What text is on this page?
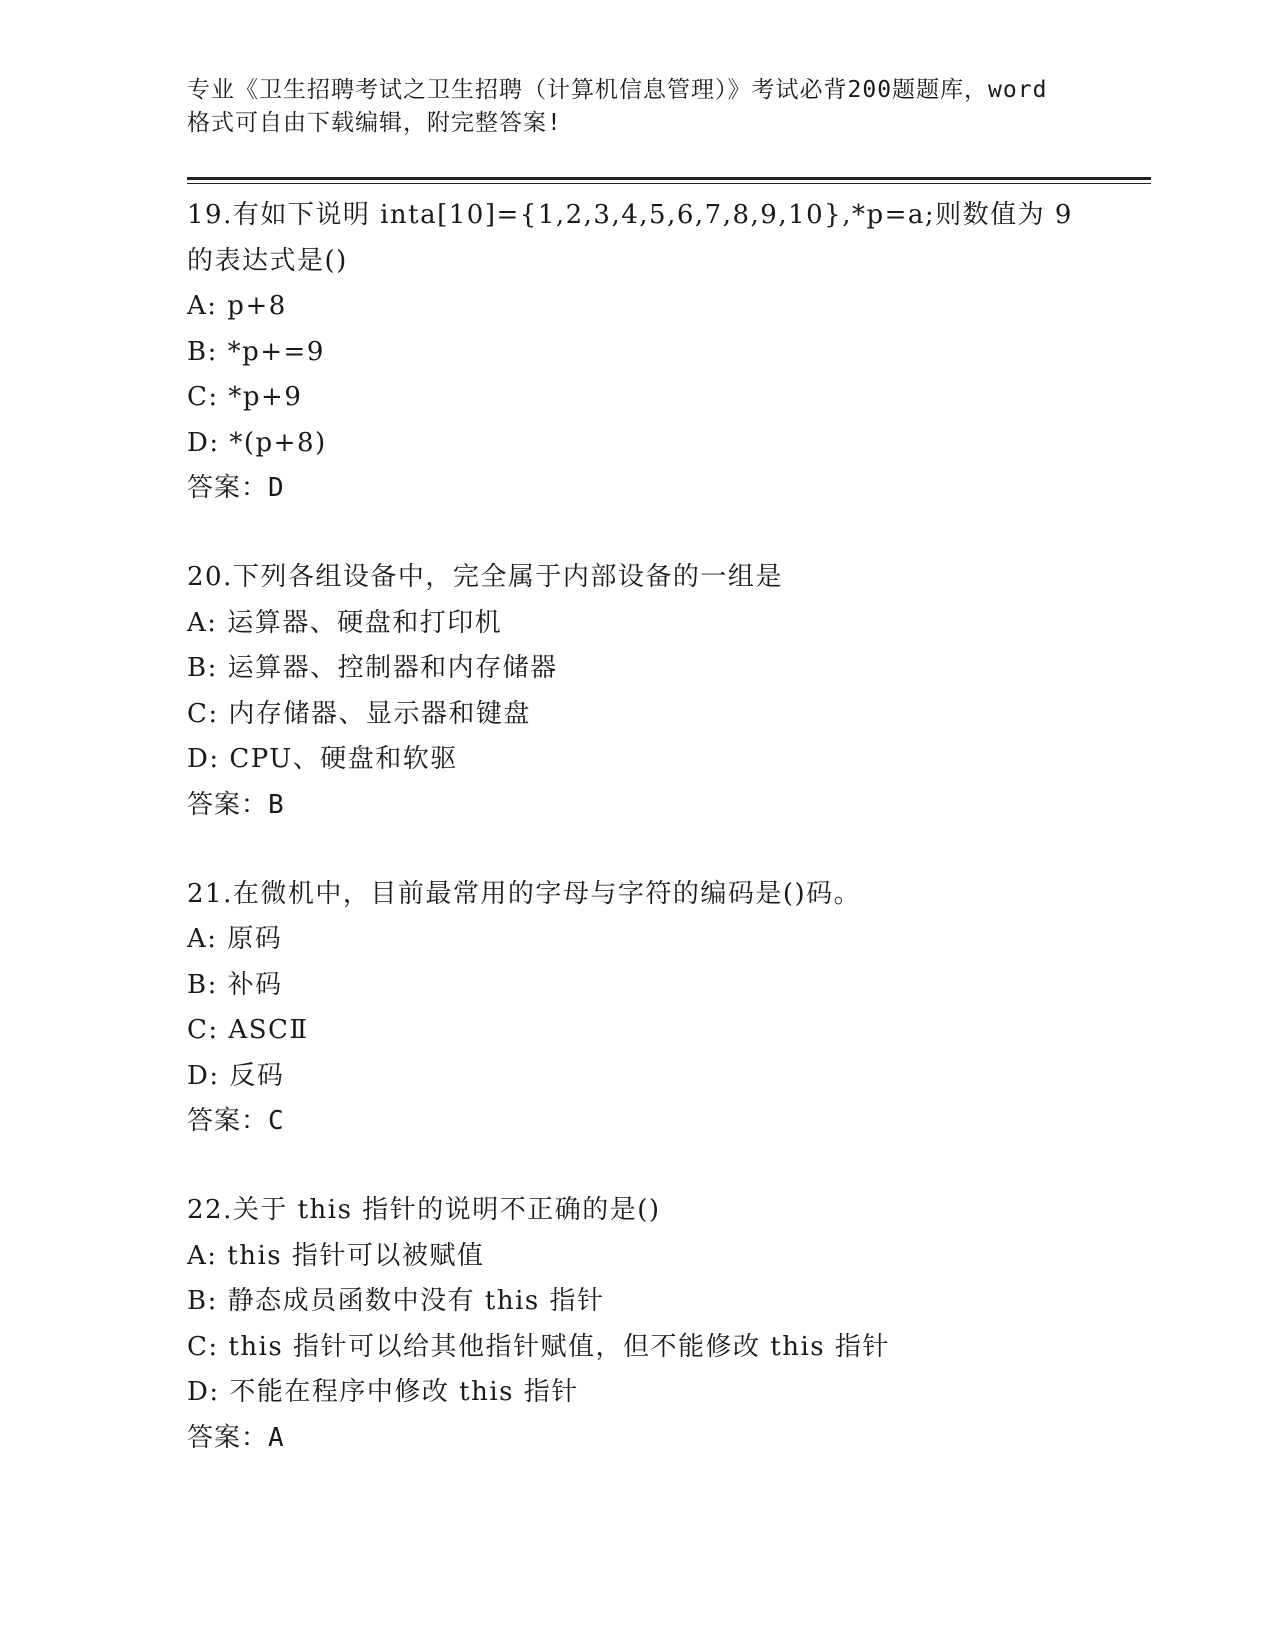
专业《卫生招聘考试之卫生招聘（计算机信息管理）》考试必背200题题库，word
格式可自由下载编辑，附完整答案!
19.有如下说明 inta[10]={1,2,3,4,5,6,7,8,9,10},*p=a;则数值为 9
的表达式是()
A: p+8
B: *p+=9
C: *p+9
D: *(p+8)
答案：D
20.下列各组设备中，完全属于内部设备的一组是
A: 运算器、硬盘和打印机
B: 运算器、控制器和内存储器
C: 内存储器、显示器和键盘
D: CPU、硬盘和软驱
答案：B
21.在微机中，目前最常用的字母与字符的编码是()码。
A: 原码
B: 补码
C: ASCⅡ
D: 反码
答案：C
22.关于 this 指针的说明不正确的是()
A: this 指针可以被赋值
B: 静态成员函数中没有 this 指针
C: this 指针可以给其他指针赋值，但不能修改 this 指针
D: 不能在程序中修改 this 指针
答案：A
